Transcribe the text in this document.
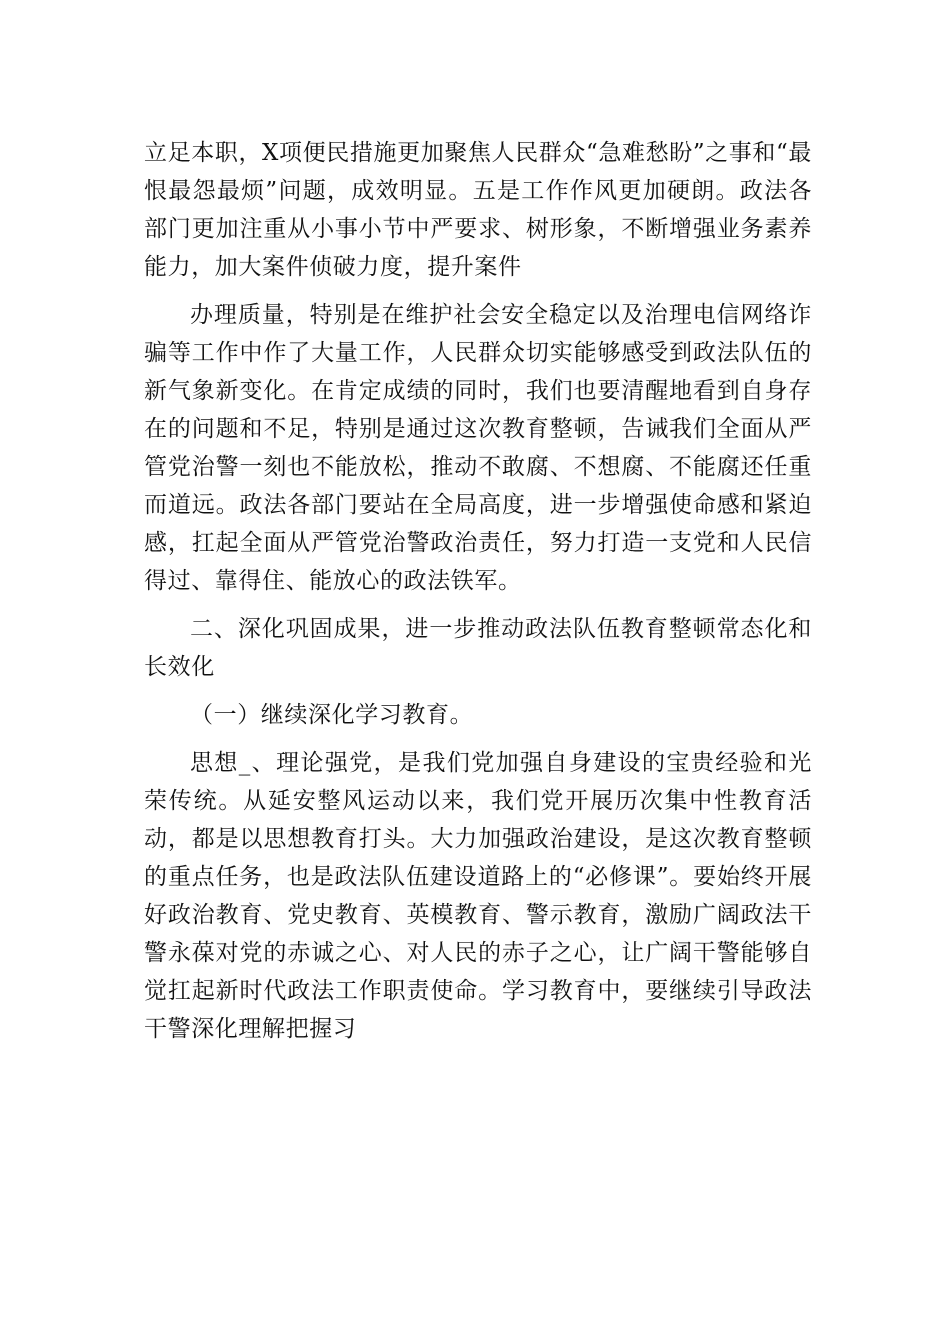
立足本职，X项便民措施更加聚焦人民群众“急难愁盼”之事和“最恨最怨最烦”问题，成效明显。五是工作作风更加硬朗。政法各部门更加注重从小事小节中严要求、树形象，不断增强业务素养能力，加大案件侦破力度，提升案件

办理质量，特别是在维护社会安全稳定以及治理电信网络诈骗等工作中作了大量工作，人民群众切实能够感受到政法队伍的新气象新变化。在肯定成绩的同时，我们也要清醒地看到自身存在的问题和不足，特别是通过这次教育整顿，告诫我们全面从严管党治警一刻也不能放松，推动不敢腐、不想腐、不能腐还任重而道远。政法各部门要站在全局高度，进一步增强使命感和紧迫感，扛起全面从严管党治警政治责任，努力打造一支党和人民信得过、靠得住、能放心的政法铁军。

二、深化巩固成果，进一步推动政法队伍教育整顿常态化和长效化

（一）继续深化学习教育。

思想_、理论强党，是我们党加强自身建设的宝贵经验和光荣传统。从延安整风运动以来，我们党开展历次集中性教育活动，都是以思想教育打头。大力加强政治建设，是这次教育整顿的重点任务，也是政法队伍建设道路上的“必修课”。要始终开展好政治教育、党史教育、英模教育、警示教育，激励广阔政法干警永葆对党的赤诚之心、对人民的赤子之心，让广阔干警能够自觉扛起新时代政法工作职责使命。学习教育中，要继续引导政法干警深化理解把握习
